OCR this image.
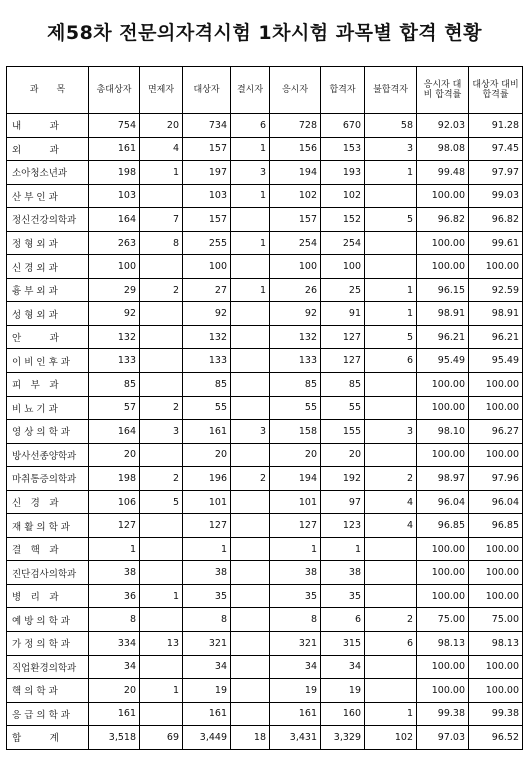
제58차 전문의자격시험 1차시험 과목별 합격 현황
과　　목	총대상자	면제자	대상자	결시자	응시자	합격자	불합격자	응시자 대비 합격률	대상자 대비 합격률
내　　　과	754	20	734	6	728	670	58	92.03	91.28
외　　　과	161	4	157	1	156	153	3	98.08	97.45
소아청소년과	198	1	197	3	194	193	1	99.48	97.97
산 부 인 과	103		103	1	102	102		100.00	99.03
정신건강의학과	164	7	157		157	152	5	96.82	96.82
정 형 외 과	263	8	255	1	254	254		100.00	99.61
신 경 외 과	100		100		100	100		100.00	100.00
흉 부 외 과	29	2	27	1	26	25	1	96.15	92.59
성 형 외 과	92		92		92	91	1	98.91	98.91
안　　　과	132		132		132	127	5	96.21	96.21
이 비 인 후 과	133		133		133	127	6	95.49	95.49
피　부　과	85		85		85	85		100.00	100.00
비 뇨 기 과	57	2	55		55	55		100.00	100.00
영 상 의 학 과	164	3	161	3	158	155	3	98.10	96.27
방사선종양학과	20		20		20	20		100.00	100.00
마취통증의학과	198	2	196	2	194	192	2	98.97	97.96
신　경　과	106	5	101		101	97	4	96.04	96.04
재 활 의 학 과	127		127		127	123	4	96.85	96.85
결　핵　과	1		1		1	1		100.00	100.00
진단검사의학과	38		38		38	38		100.00	100.00
병　리　과	36	1	35		35	35		100.00	100.00
예 방 의 학 과	8		8		8	6	2	75.00	75.00
가 정 의 학 과	334	13	321		321	315	6	98.13	98.13
직업환경의학과	34		34		34	34		100.00	100.00
핵 의 학 과	20	1	19		19	19		100.00	100.00
응 급 의 학 과	161		161		161	160	1	99.38	99.38
합　　　계	3,518	69	3,449	18	3,431	3,329	102	97.03	96.52
